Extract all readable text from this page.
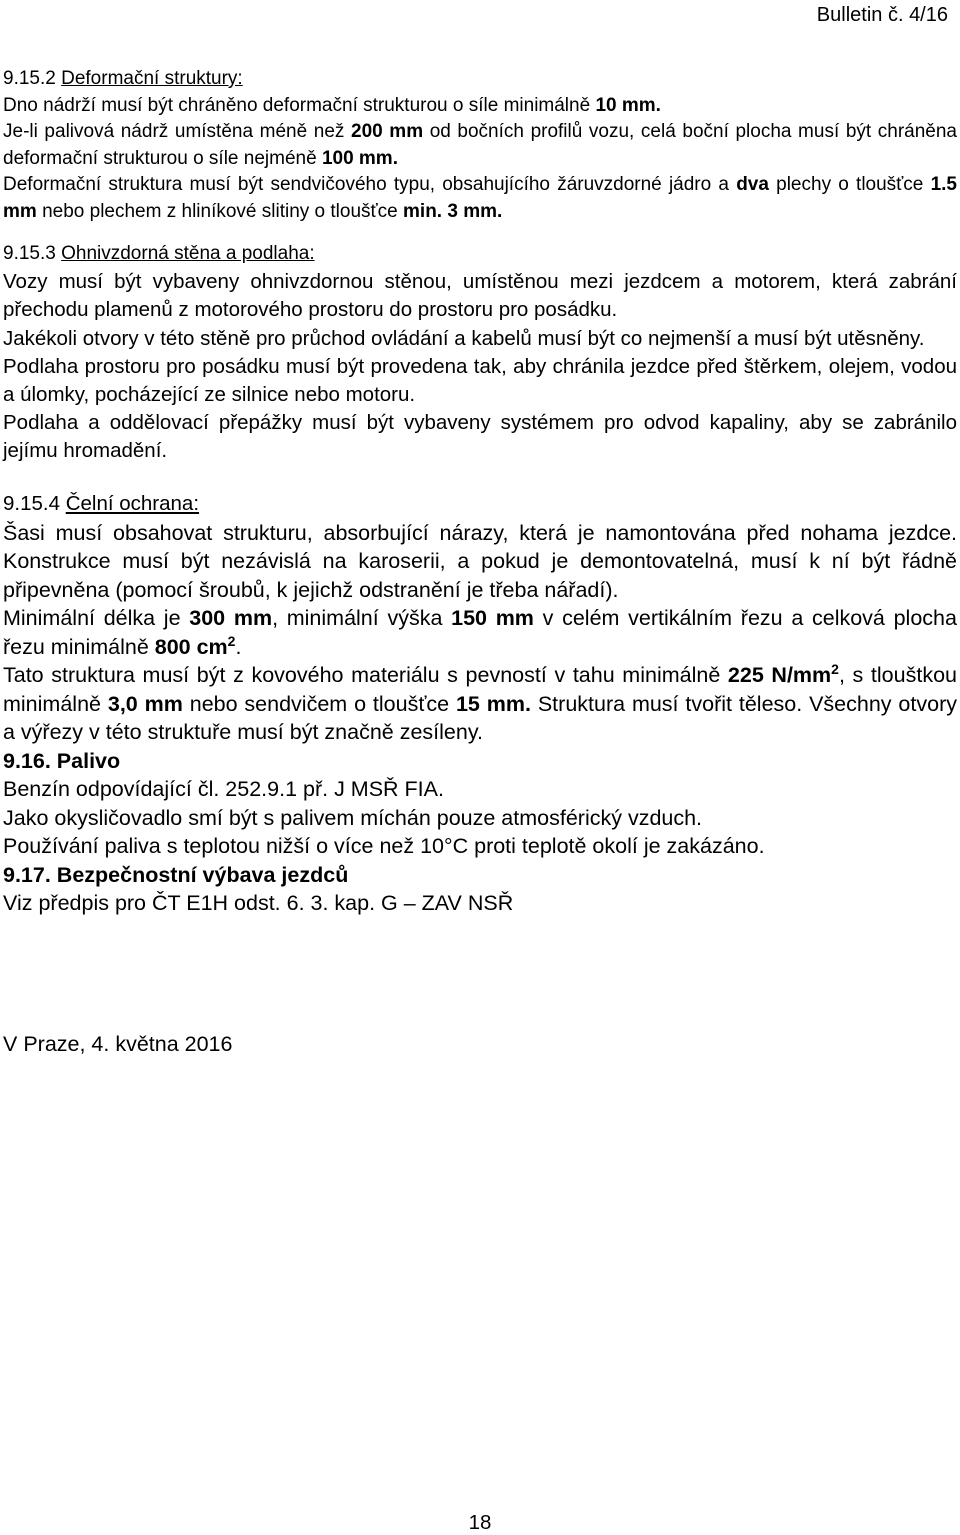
Bulletin č. 4/16

9.15.2 Deformační struktury:

Dno nádrží musí být chráněno deformační strukturou o síle minimálně 10 mm.

Je-li palivová nádrž umístěna méně než 200 mm od bočních profilů vozu, celá boční plocha musí být chráněna deformační strukturou o síle nejméně 100 mm.

Deformační struktura musí být sendvičového typu, obsahujícího žáruvzdorné jádro a dva plechy o tloušťce 1.5 mm nebo plechem z hliníkové slitiny o tloušťce min. 3 mm.

9.15.3 Ohnivzdorná stěna a podlaha:

Vozy musí být vybaveny ohnivzdornou stěnou, umístěnou mezi jezdcem a motorem, která zabrání přechodu plamenů z motorového prostoru do prostoru pro posádku.

Jakékoli otvory v této stěně pro průchod ovládání a kabelů musí být co nejmenší a musí být utěsněny.

Podlaha prostoru pro posádku musí být provedena tak, aby chránila jezdce před štěrkem, olejem, vodou a úlomky, pocházející ze silnice nebo motoru.

Podlaha a oddělovací přepážky musí být vybaveny systémem pro odvod kapaliny, aby se zabránilo jejímu hromadění.

9.15.4 Čelní ochrana:

Šasi musí obsahovat strukturu, absorbující nárazy, která je namontována před nohama jezdce. Konstrukce musí být nezávislá na karoserii, a pokud je demontovatelná, musí k ní být řádně připevněna (pomocí šroubů, k jejichž odstranění je třeba nářadí).

Minimální délka je 300 mm, minimální výška 150 mm v celém vertikálním řezu a celková plocha řezu minimálně 800 $cm^2$.

Tato struktura musí být z kovového materiálu s pevností v tahu minimálně 225 $N/mm^2$, s tlouštkou minimálně 3,0 mm nebo sendvičem o tloušťce 15 mm. Struktura musí tvořit těleso. Všechny otvory a výřezy v této struktuře musí být značně zesíleny.

9.16. Palivo

Benzín odpovídající čl. 252.9.1 př. J MSŘ FIA.

Jako okysličovadlo smí být s palivem míchán pouze atmosférický vzduch.

Používání paliva s teplotou nižší o více než 10°C proti teplotě okolí je zakázáno.

9.17. Bezpečnostní výbava jezdců

Viz předpis pro ČT E1H odst. 6. 3. kap. G – ZAV NSŘ

V Praze, 4. května 2016
18
